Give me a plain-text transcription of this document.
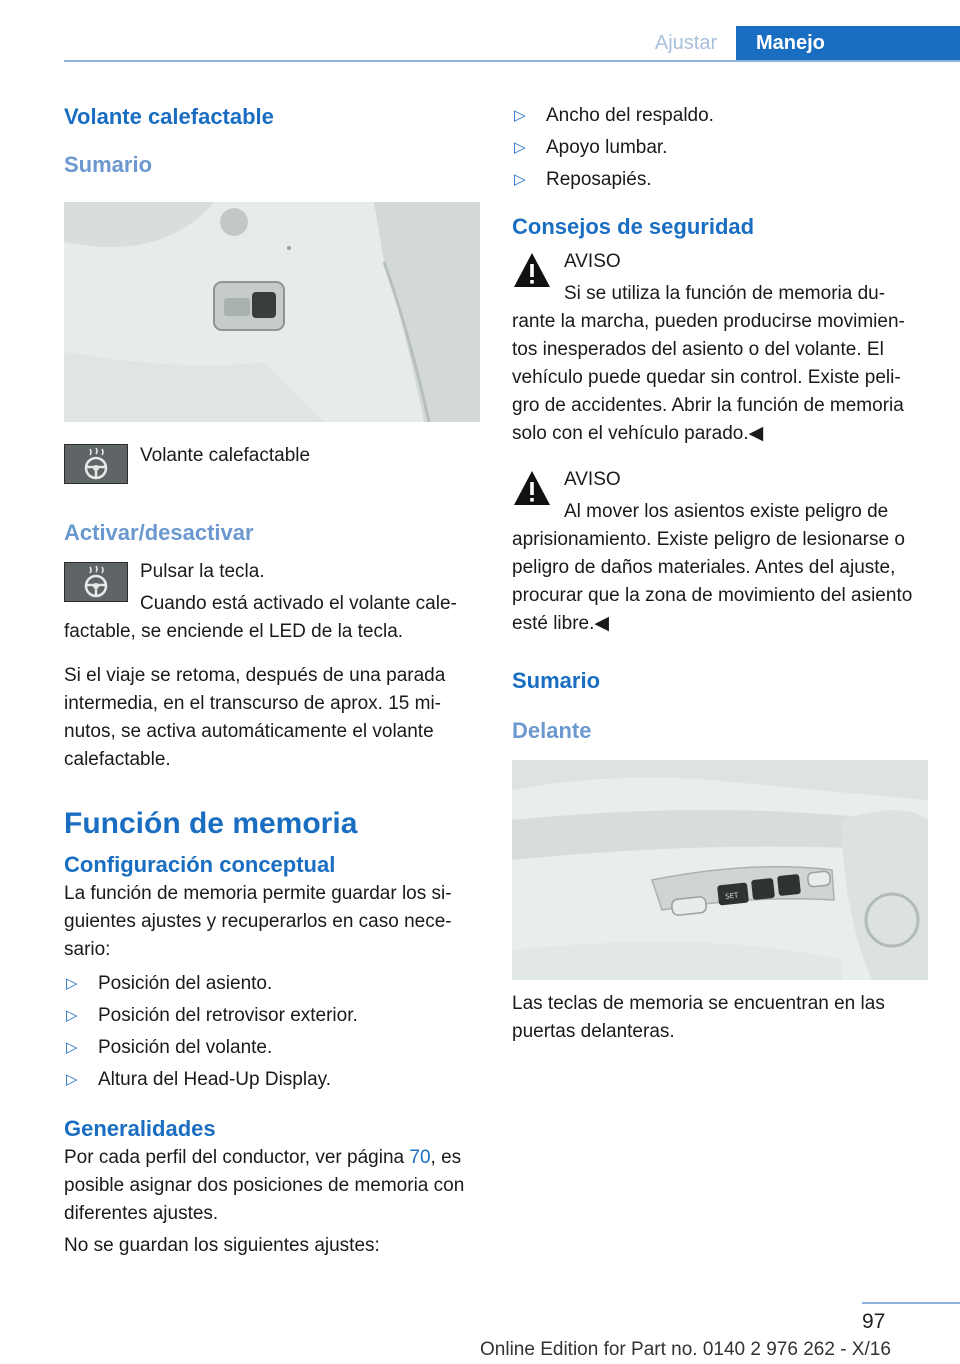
Ajustar	Manejo
Volante calefactable
Sumario

Volante calefactable

Activar/desactivar

Pulsar la tecla.

Cuando está activado el volante cale-factable, se enciende el LED de la tecla.

Si el viaje se retoma, después de una parada intermedia, en el transcurso de aprox. 15 mi-nutos, se activa automáticamente el volante calefactable.

Función de memoria
Configuración conceptual

La función de memoria permite guardar los si-guientes ajustes y recuperarlos en caso nece-sario:

▷ Posición del asiento.
▷ Posición del retrovisor exterior.
▷ Posición del volante.
▷ Altura del Head-Up Display.
Generalidades

Por cada perfil del conductor, ver página 70, es posible asignar dos posiciones de memoria con diferentes ajustes.

No se guardan los siguientes ajustes:

▷ Ancho del respaldo.
▷ Apoyo lumbar.
▷ Reposapiés.
Consejos de seguridad

AVISO

Si se utiliza la función de memoria du-rante la marcha, pueden producirse movimien-tos inesperados del asiento o del volante. El vehículo puede quedar sin control. Existe peli-gro de accidentes. Abrir la función de memoria solo con el vehículo parado.◀

AVISO

Al mover los asientos existe peligro de aprisionamiento. Existe peligro de lesionarse o peligro de daños materiales. Antes del ajuste, procurar que la zona de movimiento del asiento esté libre.◀

Sumario
Delante
SET

Las teclas de memoria se encuentran en las puertas delanteras.

97
Online Edition for Part no. 0140 2 976 262 - X/16
